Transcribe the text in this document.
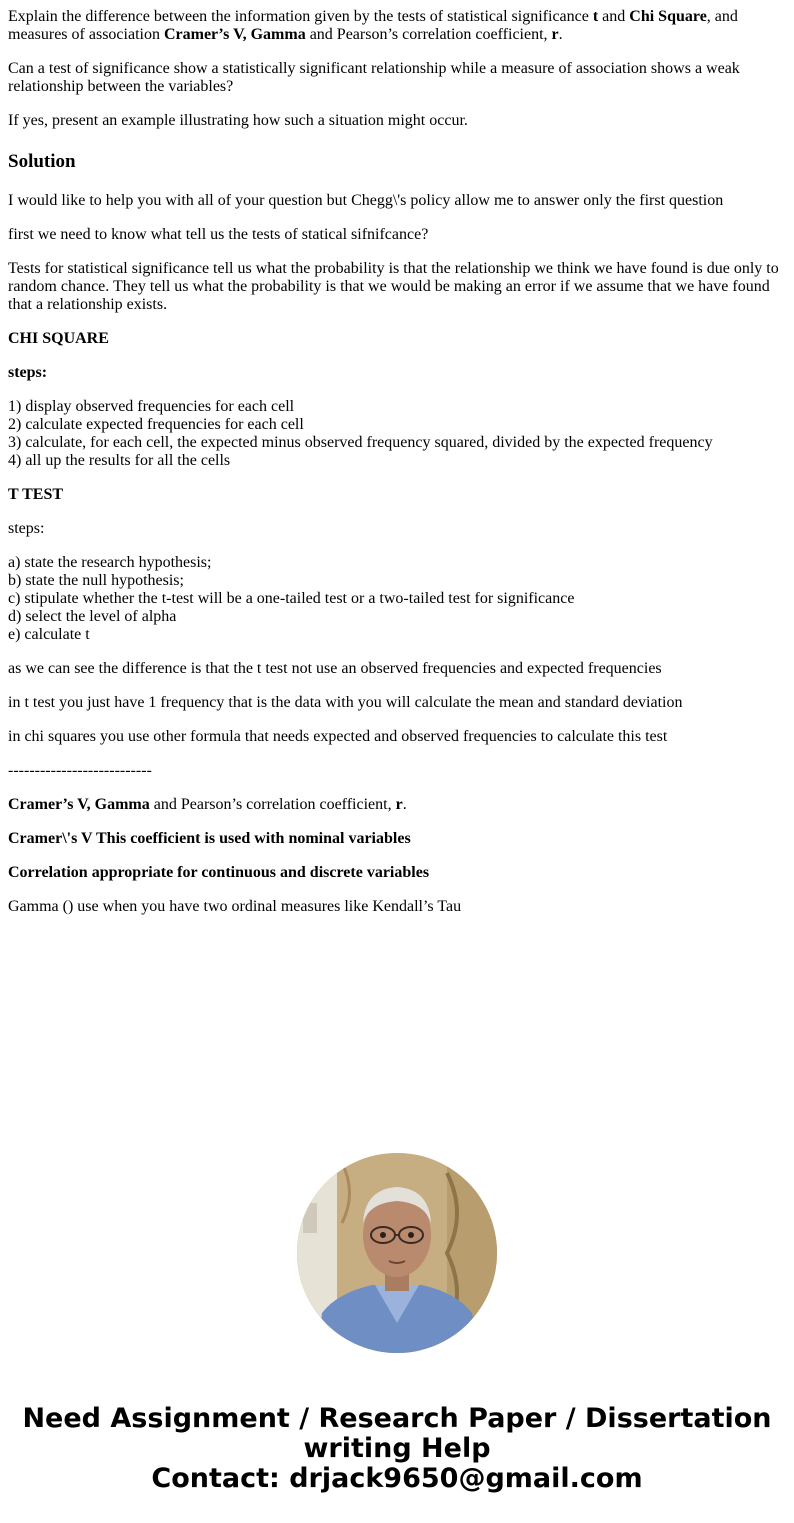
Explain the difference between the information given by the tests of statistical significance t and Chi Square, and measures of association Cramer’s V, Gamma and Pearson’s correlation coefficient, r.

Can a test of significance show a statistically significant relationship while a measure of association shows a weak relationship between the variables?

If yes, present an example illustrating how such a situation might occur.

Solution

I would like to help you with all of your question but Chegg\'s policy allow me to answer only the first question

first we need to know what tell us the tests of statical sifnifcance?

Tests for statistical significance tell us what the probability is that the relationship we think we have found is due only to random chance. They tell us what the probability is that we would be making an error if we assume that we have found that a relationship exists.

CHI SQUARE

steps:

1) display observed frequencies for each cell
2) calculate expected frequencies for each cell
3) calculate, for each cell, the expected minus observed frequency squared, divided by the expected frequency
4) all up the results for all the cells

T TEST

steps:

a) state the research hypothesis;
b) state the null hypothesis;
c) stipulate whether the t-test will be a one-tailed test or a two-tailed test for significance
d) select the level of alpha
e) calculate t

as we can see the difference is that the t test not use an observed frequencies and expected frequencies

in t test you just have 1 frequency that is the data with you will calculate the mean and standard deviation

in chi squares you use other formula that needs expected and observed frequencies to calculate this test

---------------------------

Cramer’s V, Gamma and Pearson’s correlation coefficient, r.

Cramer\'s V This coefficient is used with nominal variables

Correlation appropriate for continuous and discrete variables

Gamma () use when you have two ordinal measures like Kendall’s Tau

Need Assignment / Research Paper / Dissertation
writing Help
Contact: drjack9650@gmail.com
